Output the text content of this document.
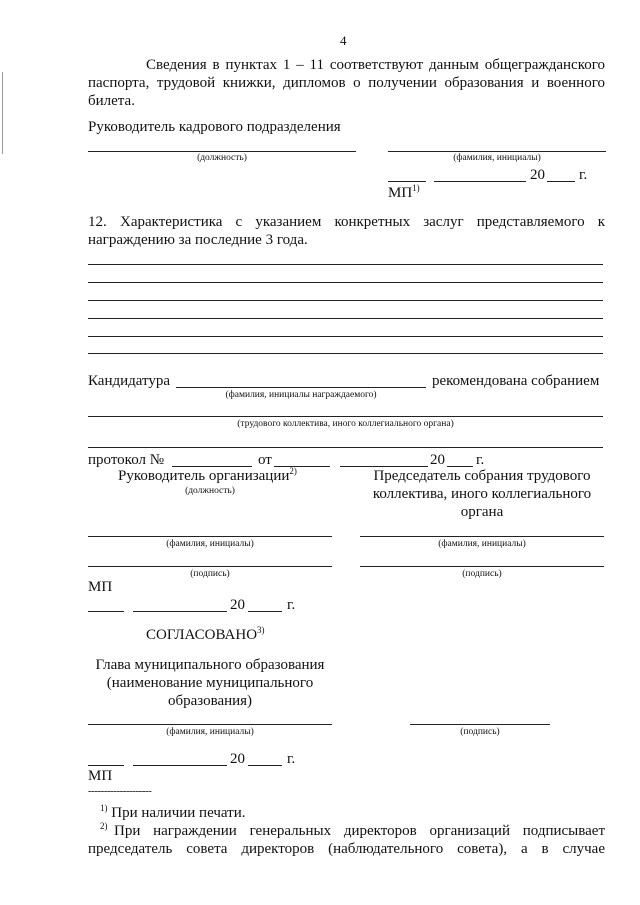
4
Сведения в пунктах 1 – 11 соответствуют данным общегражданского
паспорта, трудовой книжки, дипломов о получении образования и военного
билета.
Руководитель кадрового подразделения
(должность)	(фамилия, инициалы)
20 г.
МП$^{1)}$
12. Характеристика с указанием конкретных заслуг представляемого к
награждению за последние 3 года.
Кандидатура	рекомендована собранием
(фамилия, инициалы награждаемого)
(трудового коллектива, иного коллегиального органа)
протокол №	от	20 г.
Руководитель организации$^{2)}$
(должность)
Председатель собрания трудового
коллектива, иного коллегиального
органа
(фамилия, инициалы)	(фамилия, инициалы)
(подпись)	(подпись)
МП
20	г.
СОГЛАСОВАНО$^{3)}$
Глава муниципального образования
(наименование муниципального
образования)
(фамилия, инициалы)	(подпись)
20	г.
МП
--------------------
$^{1)}$ При наличии печати.
$^{2)}$ При награждении генеральных директоров организаций подписывает
председатель совета директоров (наблюдательного совета), а в случае
